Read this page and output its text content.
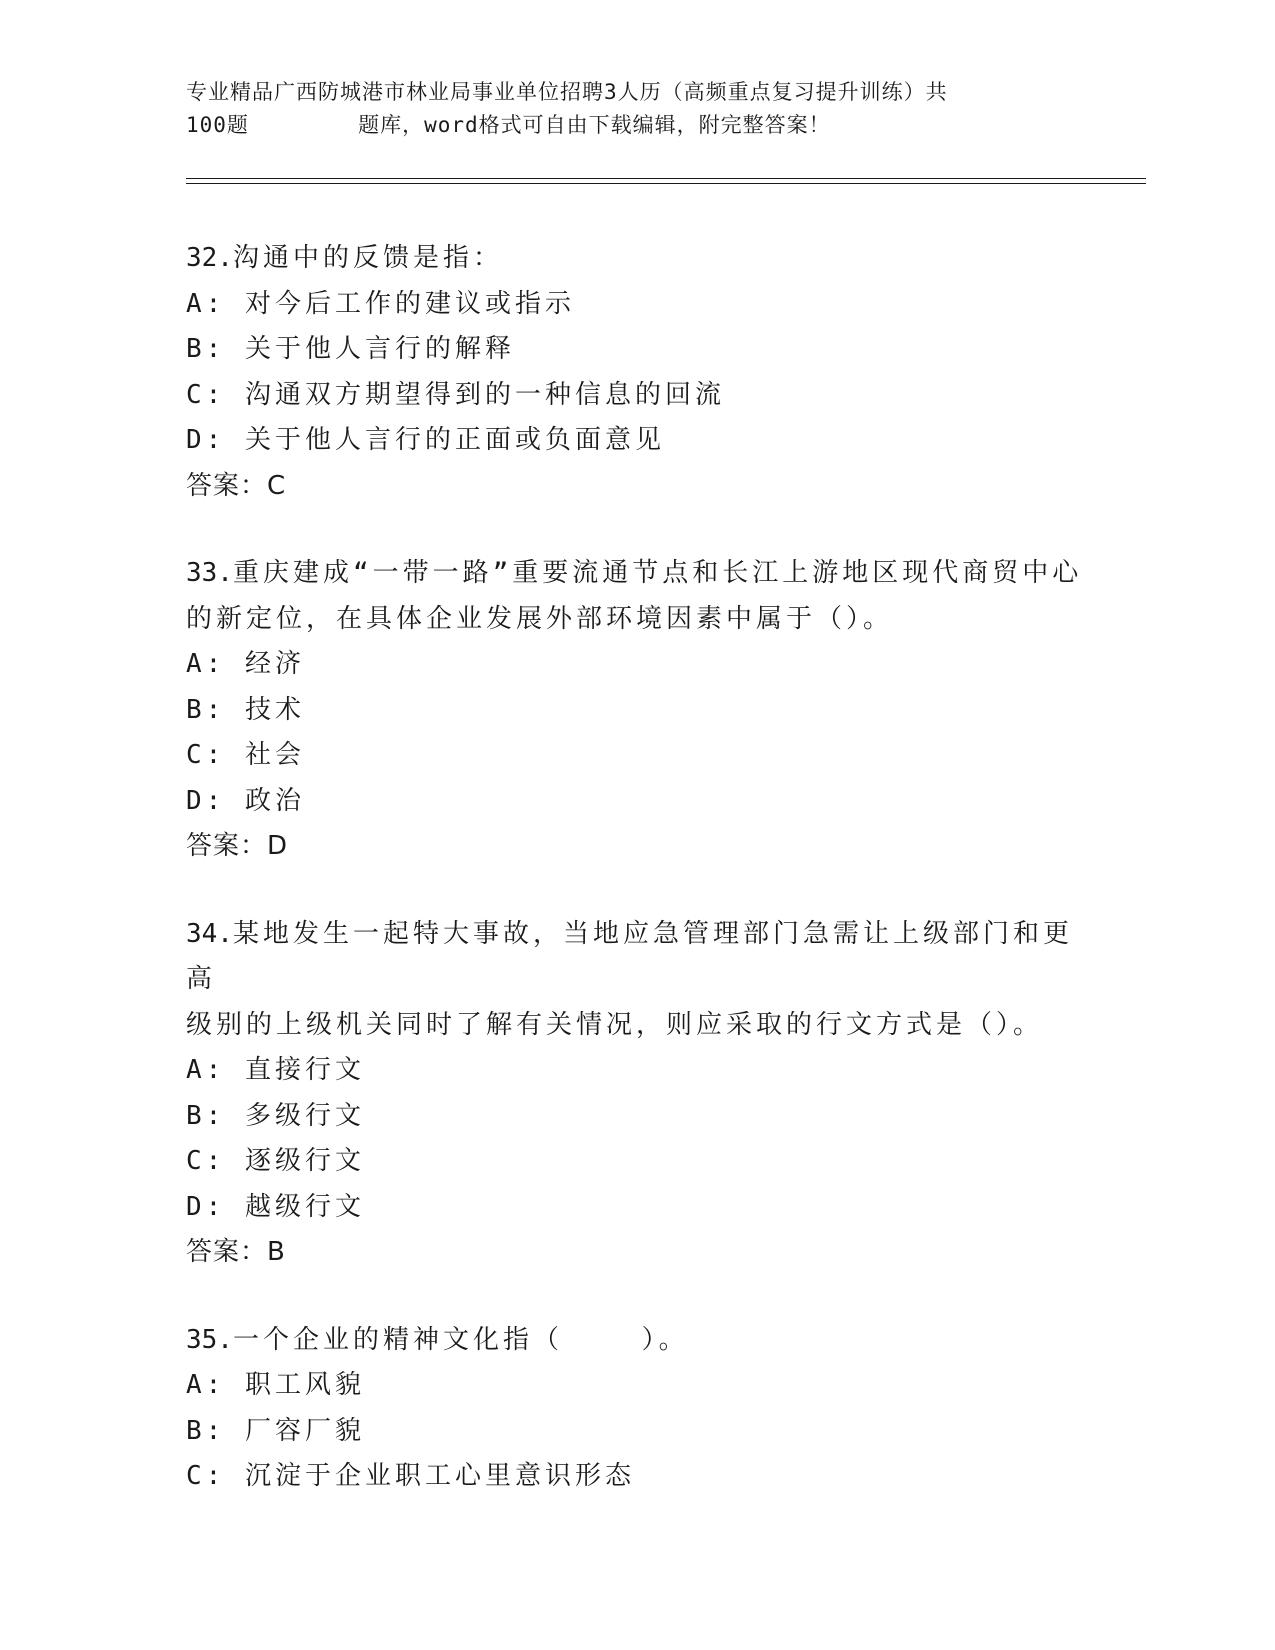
专业精品广西防城港市林业局事业单位招聘3人历（高频重点复习提升训练）共

100题        题库，word格式可自由下载编辑，附完整答案！

32.沟通中的反馈是指：

A: 对今后工作的建议或指示

B: 关于他人言行的解释

C: 沟通双方期望得到的一种信息的回流

D: 关于他人言行的正面或负面意见

答案：C

33.重庆建成“一带一路”重要流通节点和长江上游地区现代商贸中心

的新定位，在具体企业发展外部环境因素中属于（）。

A: 经济

B: 技术

C: 社会

D: 政治

答案：D

34.某地发生一起特大事故，当地应急管理部门急需让上级部门和更高

级别的上级机关同时了解有关情况，则应采取的行文方式是（）。

A: 直接行文

B: 多级行文

C: 逐级行文

D: 越级行文

答案：B

35.一个企业的精神文化指（    ）。

A: 职工风貌

B: 厂容厂貌

C: 沉淀于企业职工心里意识形态
